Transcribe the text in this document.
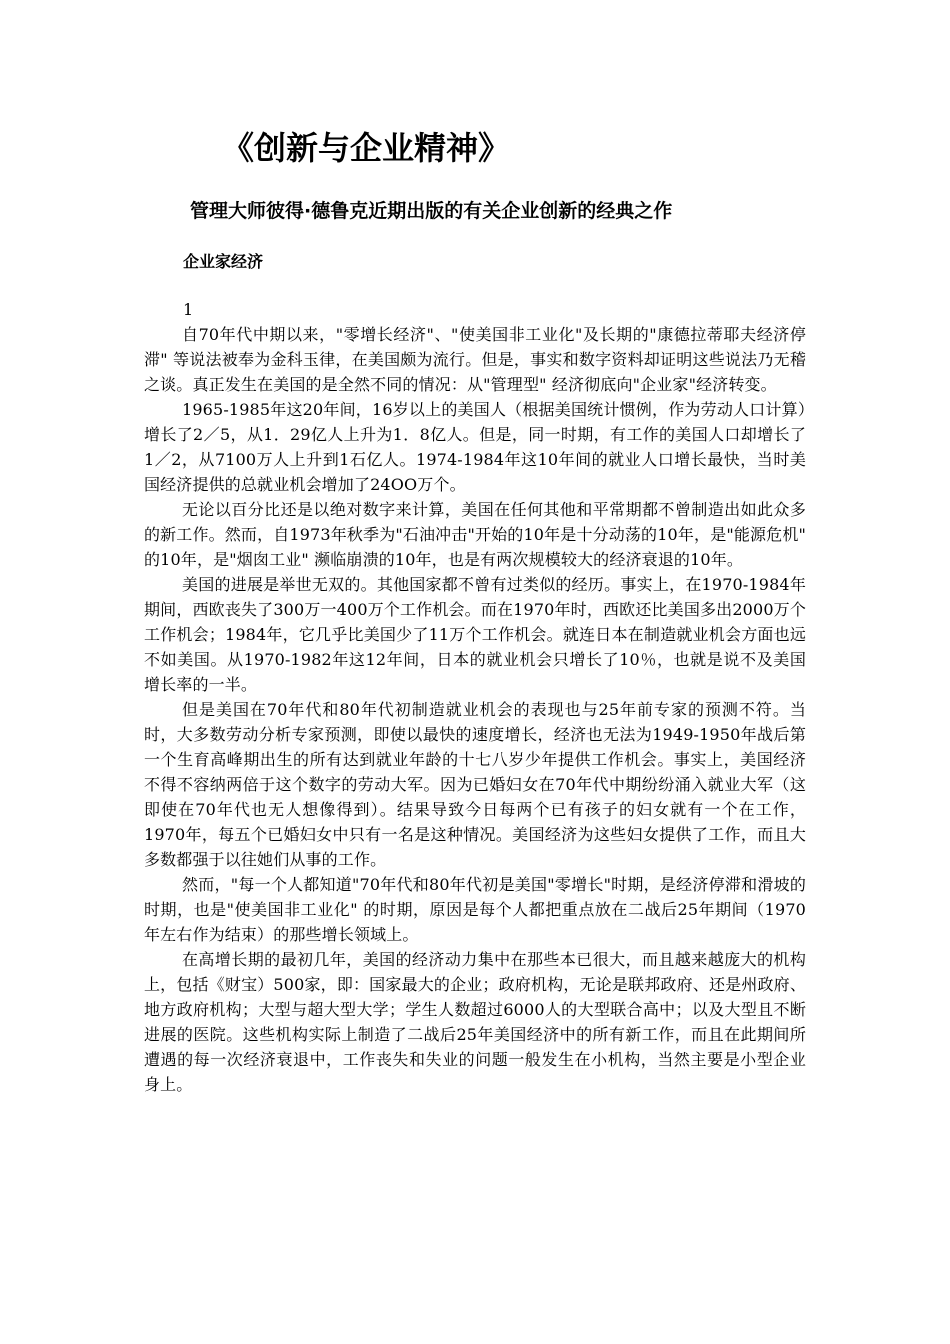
《创新与企业精神》
管理大师彼得·德鲁克近期出版的有关企业创新的经典之作
企业家经济

1

自70年代中期以来，"零增长经济"、"使美国非工业化"及长期的"康德拉蒂耶夫经济停滞" 等说法被奉为金科玉律，在美国颇为流行。但是，事实和数字资料却证明这些说法乃无稽之谈。真正发生在美国的是全然不同的情况：从"管理型" 经济彻底向"企业家"经济转变。

1965-1985年这20年间，16岁以上的美国人（根据美国统计惯例，作为劳动人口计算）增长了2／5，从1．29亿人上升为1．8亿人。但是，同一时期，有工作的美国人口却增长了1／2，从7100万人上升到1石亿人。1974-1984年这10年间的就业人口增长最快，当时美国经济提供的总就业机会增加了24OO万个。

无论以百分比还是以绝对数字来计算，美国在任何其他和平常期都不曾制造出如此众多的新工作。然而，自1973年秋季为"石油冲击"开始的10年是十分动荡的10年，是"能源危机" 的10年，是"烟囱工业" 濒临崩溃的10年，也是有两次规模较大的经济衰退的10年。

美国的进展是举世无双的。其他国家都不曾有过类似的经历。事实上，在1970-1984年期间，西欧丧失了300万一400万个工作机会。而在1970年时，西欧还比美国多出2000万个工作机会；1984年，它几乎比美国少了11万个工作机会。就连日本在制造就业机会方面也远不如美国。从1970-1982年这12年间，日本的就业机会只增长了10％，也就是说不及美国增长率的一半。

但是美国在70年代和80年代初制造就业机会的表现也与25年前专家的预测不符。当时，大多数劳动分析专家预测，即使以最快的速度增长，经济也无法为1949-1950年战后第一个生育高峰期出生的所有达到就业年龄的十七八岁少年提供工作机会。事实上，美国经济不得不容纳两倍于这个数字的劳动大军。因为已婚妇女在70年代中期纷纷涌入就业大军（这即使在70年代也无人想像得到）。结果导致今日每两个已有孩子的妇女就有一个在工作，1970年，每五个已婚妇女中只有一名是这种情况。美国经济为这些妇女提供了工作，而且大多数都强于以往她们从事的工作。

然而，"每一个人都知道"70年代和80年代初是美国"零增长"时期，是经济停滞和滑坡的时期，也是"使美国非工业化" 的时期，原因是每个人都把重点放在二战后25年期间（1970年左右作为结束）的那些增长领域上。

在高增长期的最初几年，美国的经济动力集中在那些本已很大，而且越来越庞大的机构上，包括《财宝）500家，即：国家最大的企业；政府机构，无论是联邦政府、还是州政府、地方政府机构；大型与超大型大学；学生人数超过6000人的大型联合高中；以及大型且不断进展的医院。这些机构实际上制造了二战后25年美国经济中的所有新工作，而且在此期间所遭遇的每一次经济衰退中，工作丧失和失业的问题一般发生在小机构，当然主要是小型企业身上。
